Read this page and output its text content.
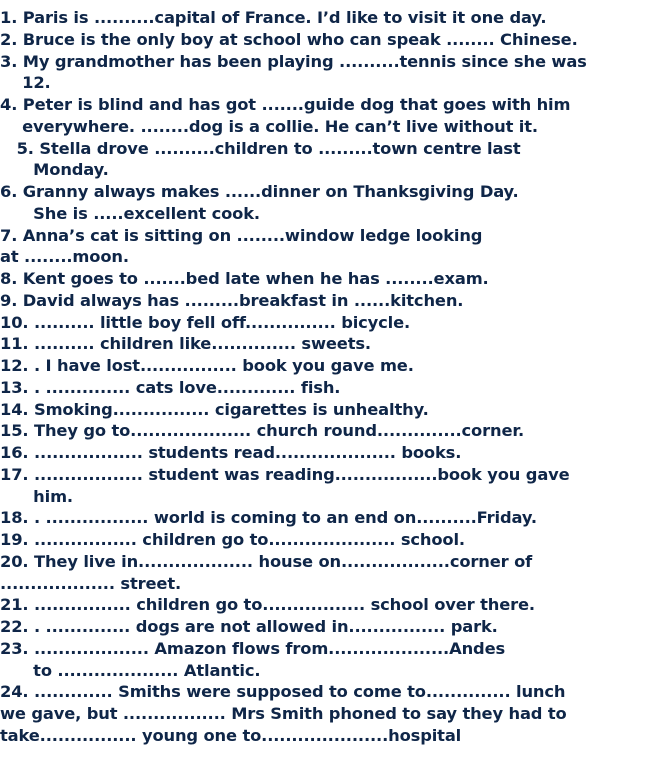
1. Paris is ..........capital of France. I’d like to visit it one day.
2. Bruce is the only boy at school who can speak ........ Chinese.
3. My grandmother has been playing ..........tennis since she was
12.
4. Peter is blind and has got .......guide dog that goes with him
everywhere. ........dog is a collie. He can’t live without it.
5. Stella drove ..........children to .........town centre last
Monday.
6. Granny always makes ......dinner on Thanksgiving Day.
She is .....excellent cook.
7. Anna’s cat is sitting on ........window ledge looking
at ........moon.
8. Kent goes to .......bed late when he has ........exam.
9. David always has .........breakfast in ......kitchen.
10. .......... little boy fell off............... bicycle.
11. .......... children like.............. sweets.
12. . I have lost................ book you gave me.
13. . .............. cats love............. fish.
14. Smoking................ cigarettes is unhealthy.
15. They go to.................... church round..............corner.
16. .................. students read.................... books.
17. .................. student was reading.................book you gave
him.
18. . ................. world is coming to an end on..........Friday.
19. ................. children go to..................... school.
20. They live in................... house on..................corner of
................... street.
21. ................ children go to................. school over there.
22. . .............. dogs are not allowed in................ park.
23. ................... Amazon flows from....................Andes
to .................... Atlantic.
24. ............. Smiths were supposed to come to.............. lunch
we gave, but ................. Mrs Smith phoned to say they had to
take................ young one to.....................hospital
